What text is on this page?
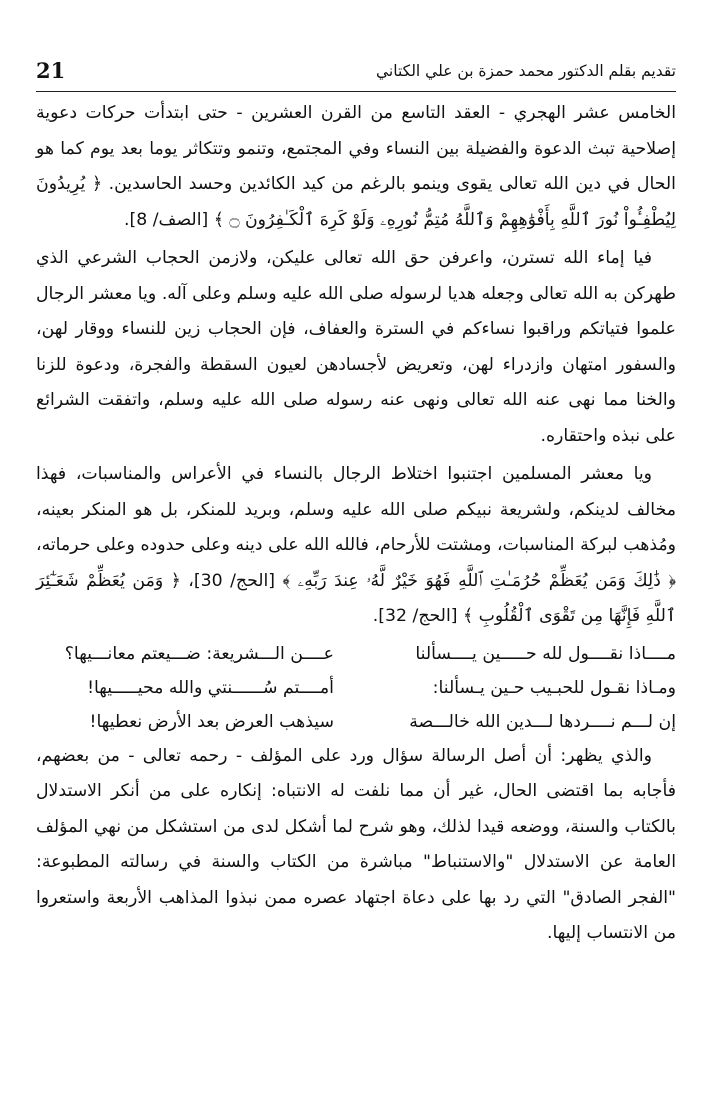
21	تقديم بقلم الدكتور محمد حمزة بن علي الكتاني

الخامس عشر الهجري - العقد التاسع من القرن العشرين - حتى ابتدأت حركات دعوية إصلاحية تبث الدعوة والفضيلة بين النساء وفي المجتمع، وتنمو وتتكاثر يوما بعد يوم كما هو الحال في دين الله تعالى يقوى وينمو بالرغم من كيد الكائدين وحسد الحاسدين. ﴿ يُرِيدُونَ لِيُطْفِـُٔواْ نُورَ ٱللَّهِ بِأَفْوَٰهِهِمْ وَٱللَّهُ مُتِمُّ نُورِهِۦ وَلَوْ كَرِهَ ٱلْكَـٰفِرُونَ ۝ ﴾ [الصف/ 8].

فيا إماء الله تسترن، واعرفن حق الله تعالى عليكن، ولازمن الحجاب الشرعي الذي طهركن به الله تعالى وجعله هديا لرسوله صلى الله عليه وسلم وعلى آله. ويا معشر الرجال علموا فتياتكم وراقبوا نساءكم في السترة والعفاف، فإن الحجاب زين للنساء ووقار لهن، والسفور امتهان وازدراء لهن، وتعريض لأجسادهن لعيون السقطة والفجرة، ودعوة للزنا والخنا مما نهى عنه الله تعالى ونهى عنه رسوله صلى الله عليه وسلم، واتفقت الشرائع على نبذه واحتقاره.

ويا معشر المسلمين اجتنبوا اختلاط الرجال بالنساء في الأعراس والمناسبات، فهذا مخالف لدينكم، ولشريعة نبيكم صلى الله عليه وسلم، وبريد للمنكر، بل هو المنكر بعينه، ومُذهب لبركة المناسبات، ومشتت للأرحام، فالله الله على دينه وعلى حدوده وعلى حرماته، ﴿ ذَٰلِكَ وَمَن يُعَظِّمْ حُرُمَـٰتِ ٱللَّهِ فَهُوَ خَيْرٌ لَّهُۥ عِندَ رَبِّهِۦ ﴾ [الحج/ 30]، ﴿ وَمَن يُعَظِّمْ شَعَـٰٓئِرَ ٱللَّهِ فَإِنَّهَا مِن تَقْوَى ٱلْقُلُوبِ ﴾ [الحج/ 32].

مــــاذا نقــــول لله حـــــين يــــسألنا
عــــن الـــشريعة: ضـــيعتم معانـــيها؟
ومـاذا نقـول للحبـيب حـين يـسألنا:
أمــــتم سُــــــنتي والله محيـــــيها!
إن لـــم نــــردها لـــدين الله خالـــصة
سيذهب العرض بعد الأرض نعطيها!

والذي يظهر: أن أصل الرسالة سؤال ورد على المؤلف - رحمه تعالى - من بعضهم، فأجابه بما اقتضى الحال، غير أن مما نلفت له الانتباه: إنكاره على من أنكر الاستدلال بالكتاب والسنة، ووضعه قيدا لذلك، وهو شرح لما أشكل لدى من استشكل من نهي المؤلف العامة عن الاستدلال "والاستنباط" مباشرة من الكتاب والسنة في رسالته المطبوعة: "الفجر الصادق" التي رد بها على دعاة اجتهاد عصره ممن نبذوا المذاهب الأربعة واستعروا من الانتساب إليها.
